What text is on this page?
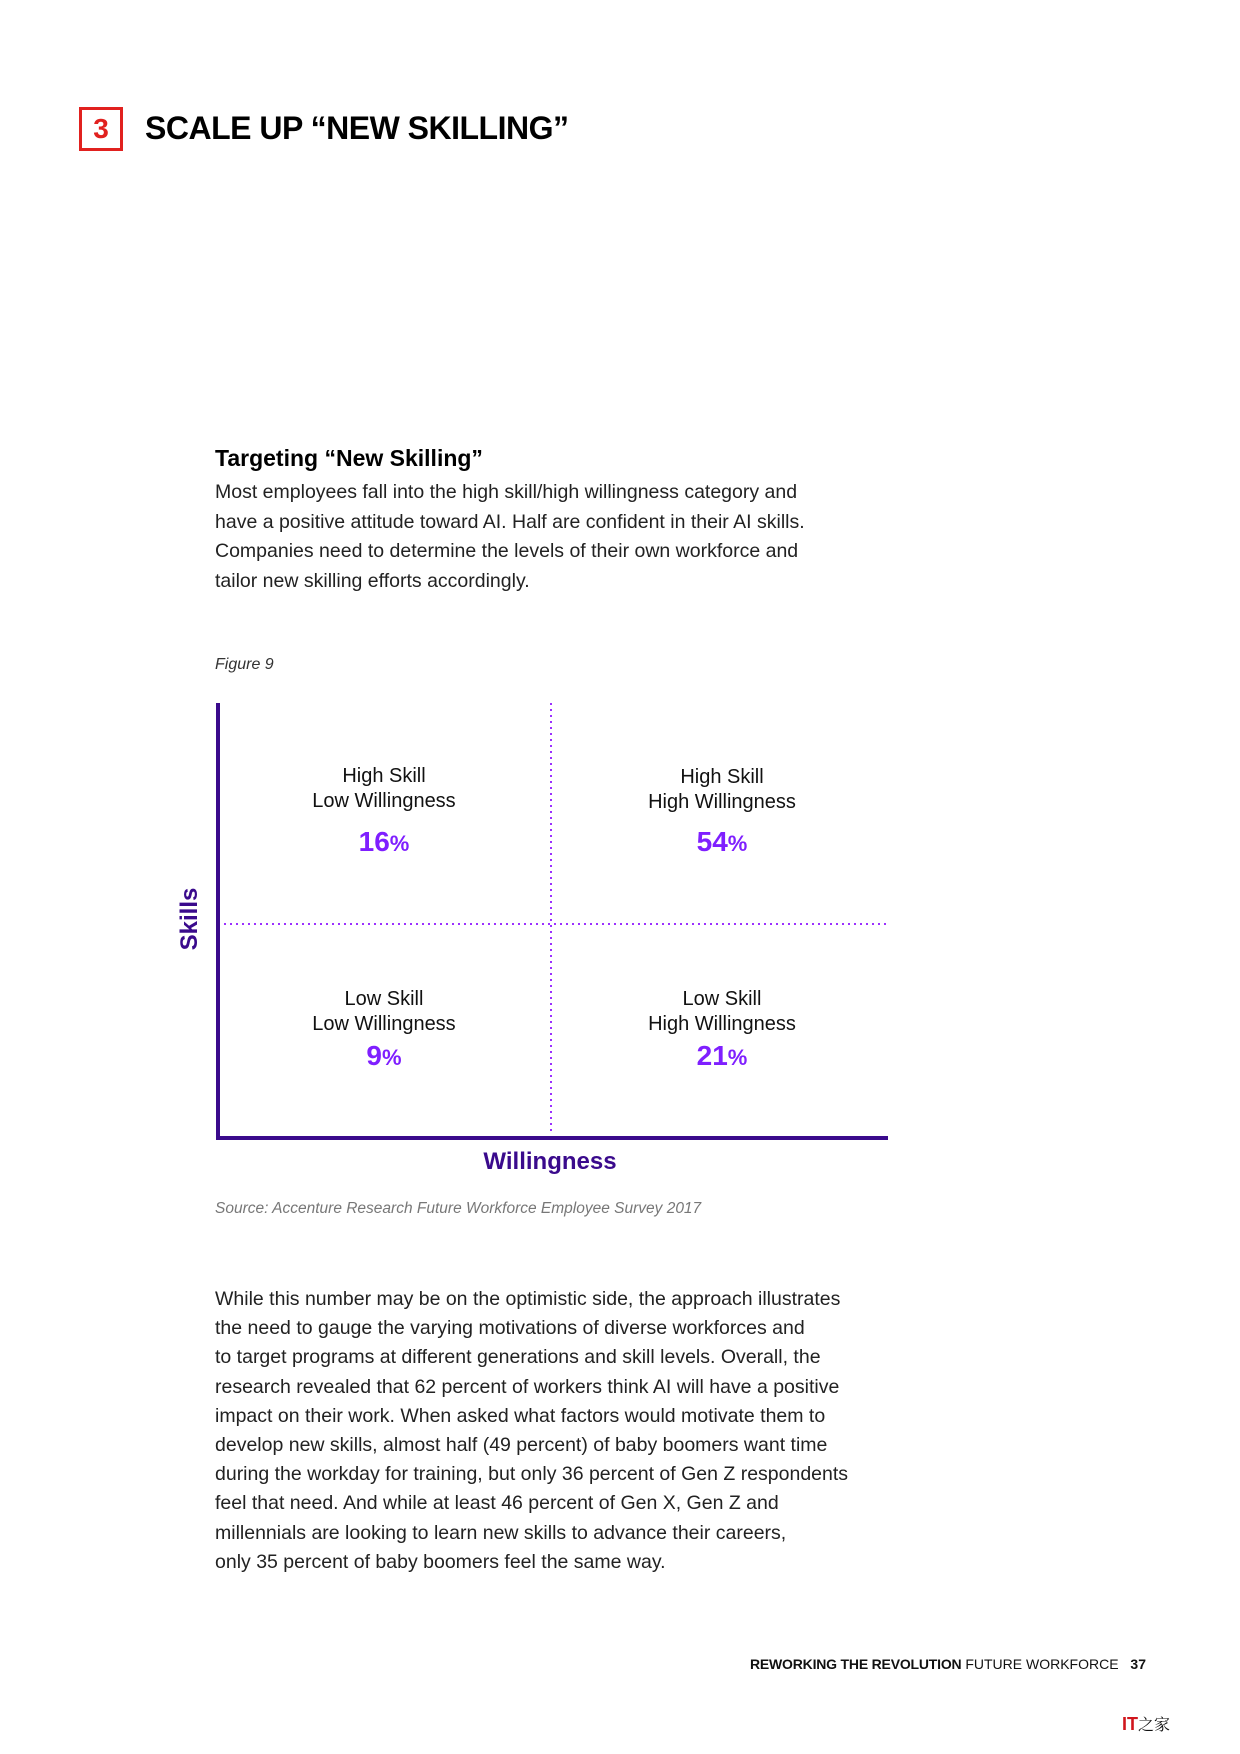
3	SCALE UP “NEW SKILLING”
Targeting “New Skilling”

Most employees fall into the high skill/high willingness category and

have a positive attitude toward AI. Half are confident in their AI skills.

Companies need to determine the levels of their own workforce and

tailor new skilling efforts accordingly.

Figure 9
High Skill
Low Willingness
16%
High Skill
High Willingness
54%
Low Skill
Low Willingness
9%
Low Skill
High Willingness
21%
Willingness
Skills
Source: Accenture Research Future Workforce Employee Survey 2017

While this number may be on the optimistic side, the approach illustrates

the need to gauge the varying motivations of diverse workforces and

to target programs at different generations and skill levels. Overall, the

research revealed that 62 percent of workers think AI will have a positive

impact on their work. When asked what factors would motivate them to

develop new skills, almost half (49 percent) of baby boomers want time

during the workday for training, but only 36 percent of Gen Z respondents

feel that need. And while at least 46 percent of Gen X, Gen Z and

millennials are looking to learn new skills to advance their careers,

only 35 percent of baby boomers feel the same way.

REWORKING THE REVOLUTION FUTURE WORKFORCE 37
IT之家
